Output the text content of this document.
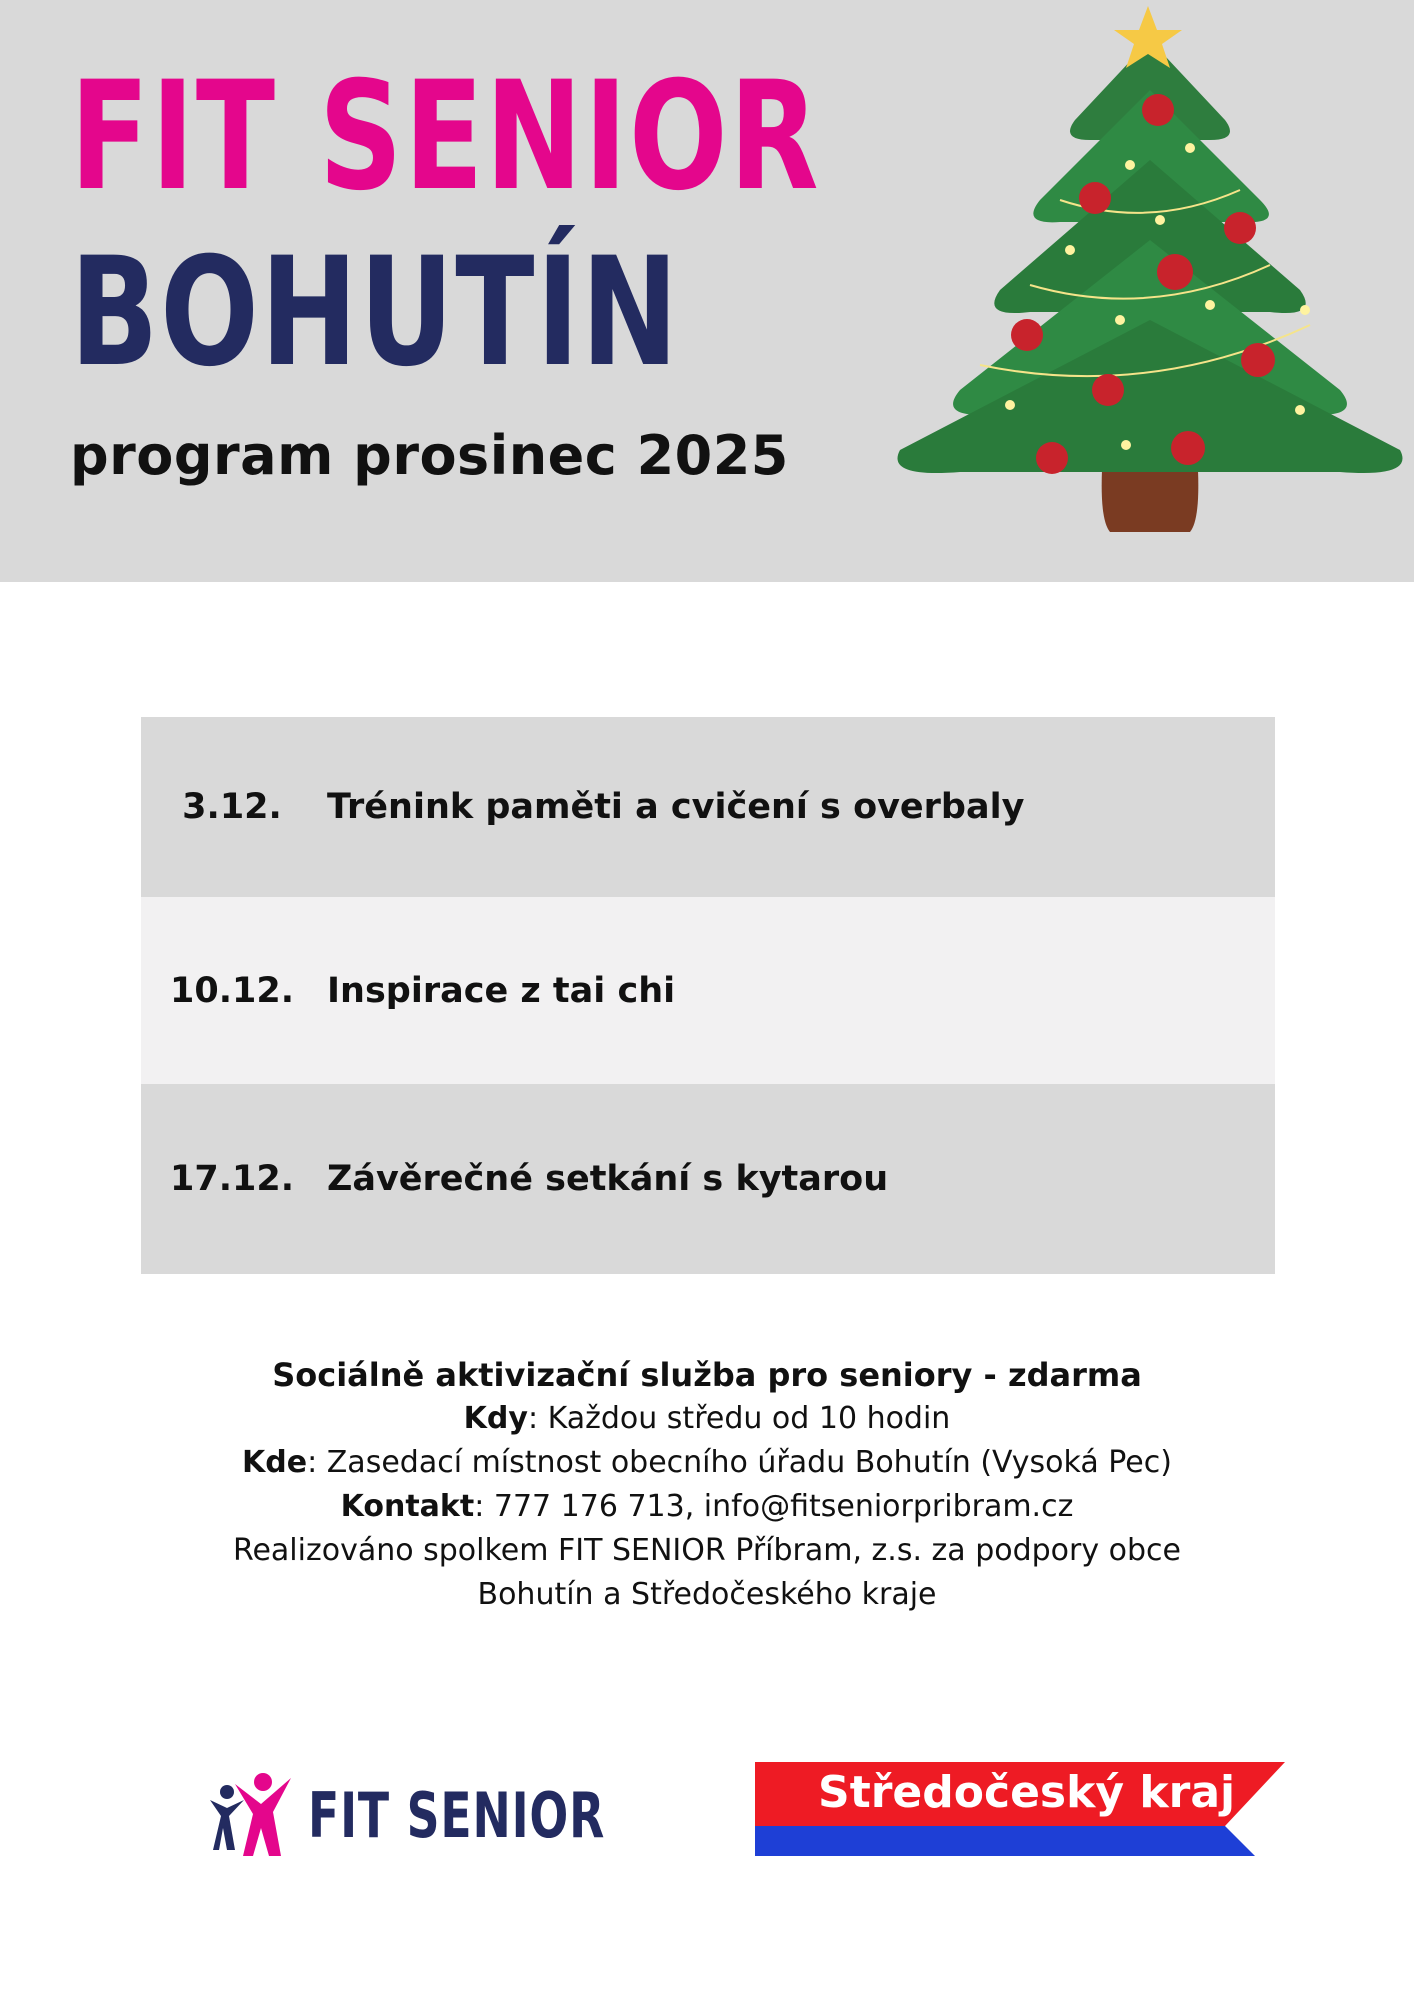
FIT SENIOR
BOHUTÍN
program prosinec 2025
3.12.	Trénink paměti a cvičení s overbaly
10.12. Inspirace z tai chi
17.12. Závěrečné setkání s kytarou
Sociálně aktivizační služba pro seniory - zdarma
Kdy: Každou středu od 10 hodin
Kde: Zasedací místnost obecního úřadu Bohutín (Vysoká Pec)
Kontakt: 777 176 713, info@fitseniorpribram.cz
Realizováno spolkem FIT SENIOR Příbram, z.s. za podpory obce
Bohutín a Středočeského kraje

FIT SENIOR	Středočeský kraj
